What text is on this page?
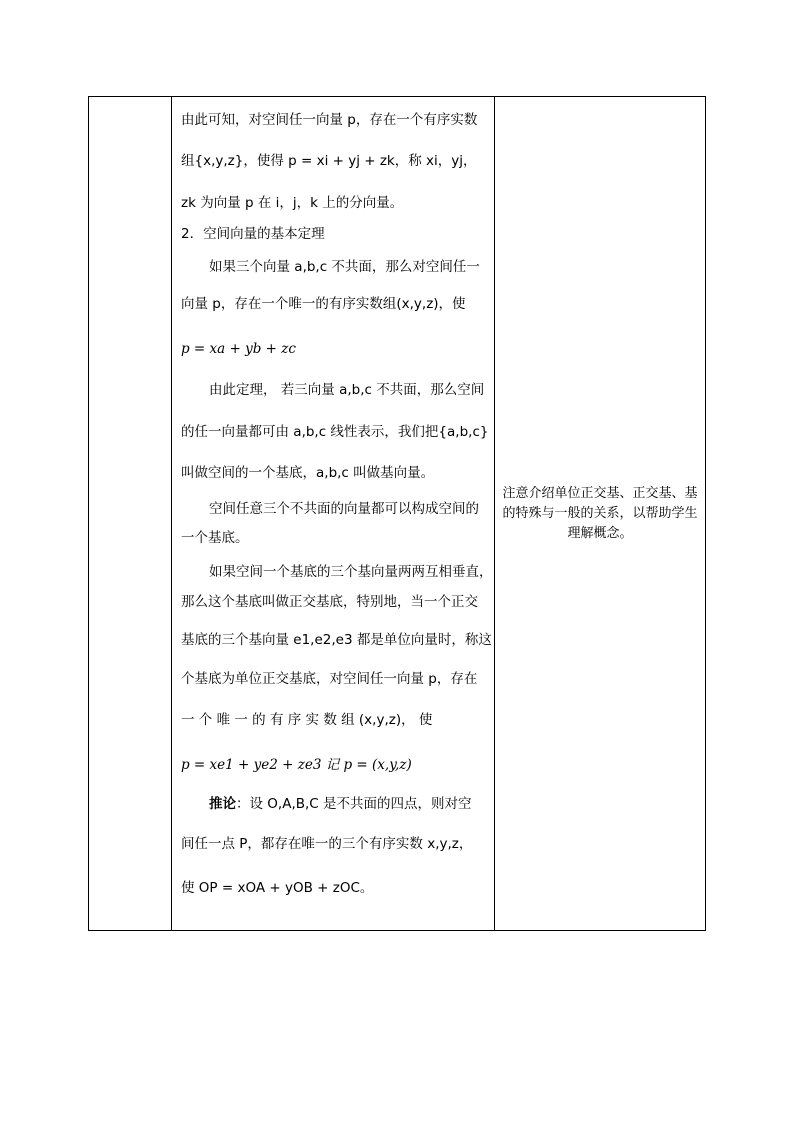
由此可知，对空间任一向量 p，存在一个有序实数
组{x,y,z}，使得 p = xi + yj + zk，称 xi，yj，
zk 为向量 p 在 i，j，k 上的分向量。
2．空间向量的基本定理
如果三个向量 a,b,c 不共面，那么对空间任一
向量 p，存在一个唯一的有序实数组(x,y,z)，使
p = xa + yb + zc
由此定理， 若三向量 a,b,c 不共面，那么空间
的任一向量都可由 a,b,c 线性表示，我们把{a,b,c}
叫做空间的一个基底，a,b,c 叫做基向量。
空间任意三个不共面的向量都可以构成空间的
一个基底。
如果空间一个基底的三个基向量两两互相垂直，
那么这个基底叫做正交基底，特别地，当一个正交
基底的三个基向量 e1,e2,e3 都是单位向量时，称这
个基底为单位正交基底，对空间任一向量 p，存在
一 个 唯 一 的 有 序 实 数 组 (x,y,z)， 使
p = xe1 + ye2 + ze3 记 p = (x,y,z)
推论：设 O,A,B,C 是不共面的四点，则对空
间任一点 P，都存在唯一的三个有序实数 x,y,z，
使 OP = xOA + yOB + zOC。

注意介绍单位正交基、正交基、基的特殊与一般的关系，以帮助学生理解概念。
